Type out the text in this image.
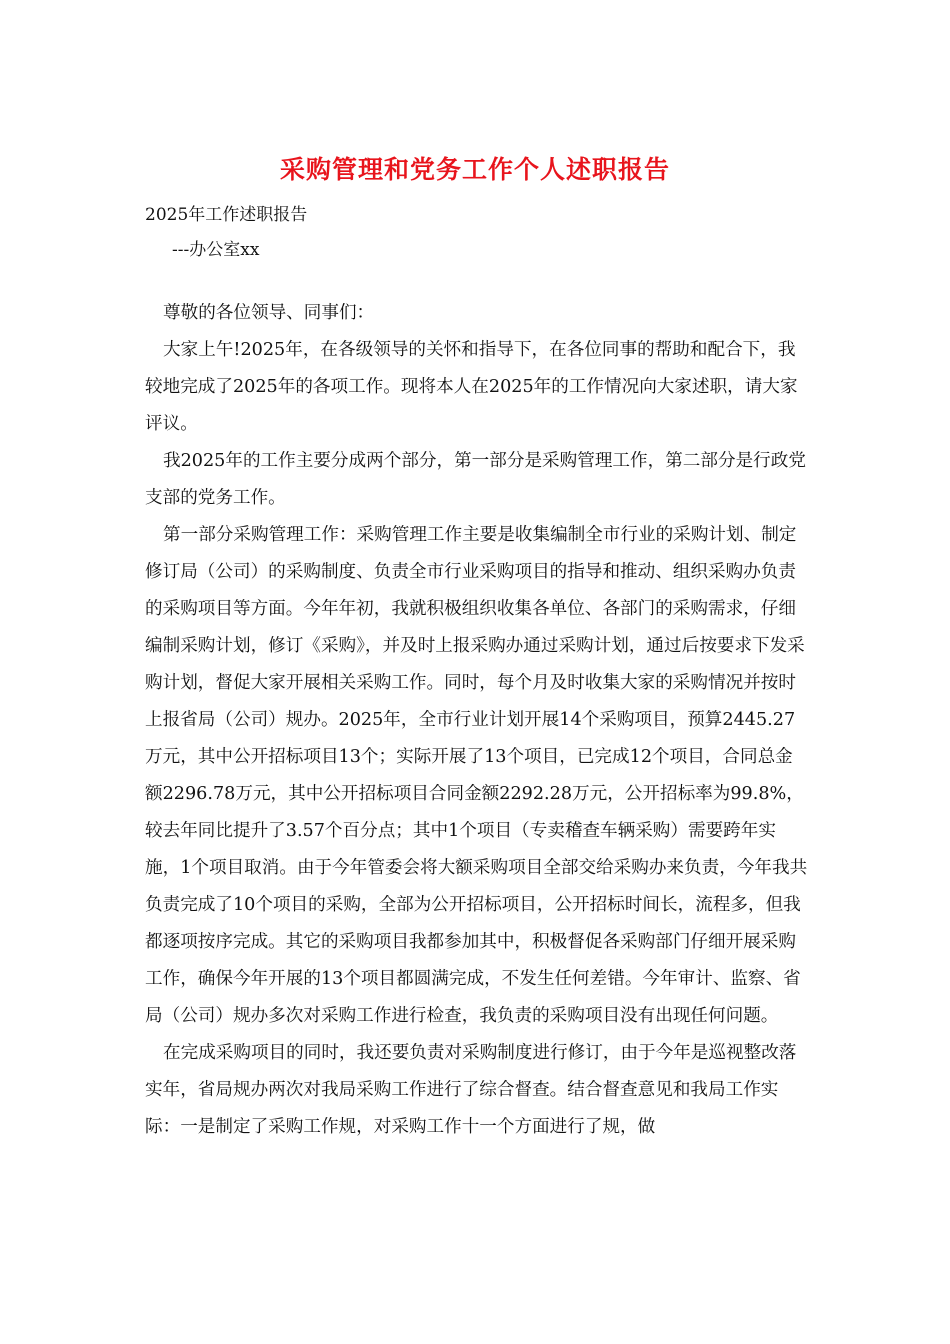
采购管理和党务工作个人述职报告
2025年工作述职报告
---办公室xx

尊敬的各位领导、同事们：

大家上午!2025年，在各级领导的关怀和指导下，在各位同事的帮助和配合下，我较地完成了2025年的各项工作。现将本人在2025年的工作情况向大家述职，请大家评议。

我2025年的工作主要分成两个部分，第一部分是采购管理工作，第二部分是行政党支部的党务工作。

第一部分采购管理工作：采购管理工作主要是收集编制全市行业的采购计划、制定修订局（公司）的采购制度、负责全市行业采购项目的指导和推动、组织采购办负责的采购项目等方面。今年年初，我就积极组织收集各单位、各部门的采购需求，仔细编制采购计划，修订《采购》，并及时上报采购办通过采购计划，通过后按要求下发采购计划，督促大家开展相关采购工作。同时，每个月及时收集大家的采购情况并按时上报省局（公司）规办。2025年，全市行业计划开展14个采购项目，预算2445.27万元，其中公开招标项目13个；实际开展了13个项目，已完成12个项目，合同总金额2296.78万元，其中公开招标项目合同金额2292.28万元，公开招标率为99.8%，较去年同比提升了3.57个百分点；其中1个项目（专卖稽查车辆采购）需要跨年实施，1个项目取消。由于今年管委会将大额采购项目全部交给采购办来负责，今年我共负责完成了10个项目的采购，全部为公开招标项目，公开招标时间长，流程多，但我都逐项按序完成。其它的采购项目我都参加其中，积极督促各采购部门仔细开展采购工作，确保今年开展的13个项目都圆满完成，不发生任何差错。今年审计、监察、省局（公司）规办多次对采购工作进行检查，我负责的采购项目没有出现任何问题。

在完成采购项目的同时，我还要负责对采购制度进行修订，由于今年是巡视整改落实年，省局规办两次对我局采购工作进行了综合督查。结合督查意见和我局工作实际：一是制定了采购工作规，对采购工作十一个方面进行了规，做
